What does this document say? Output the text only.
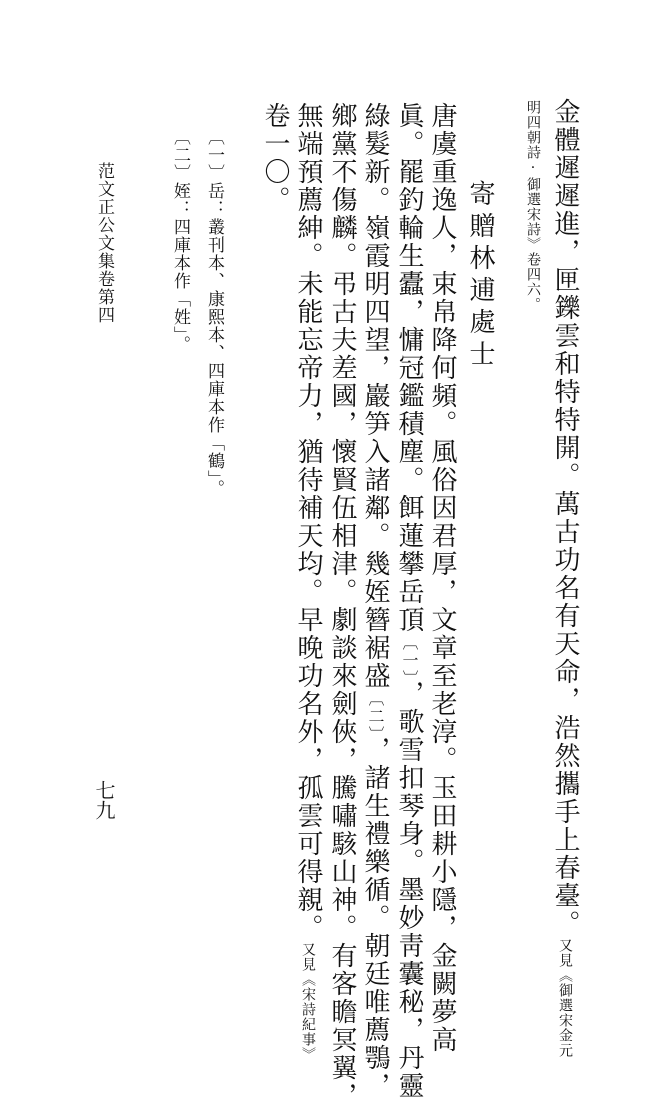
金體遲遲進，匣鑠雲和特特開。萬古功名有天命，浩然攜手上春臺。又見《御選宋金元
明四朝詩·御選宋詩》卷四六。
寄贈林逋處士
唐虞重逸人，束帛降何頻。風俗因君厚，文章至老淳。玉田耕小隱，金闕夢高
眞。罷釣輪生蠹，慵冠鑑積塵。餌蓮攀岳頂〔一〕，歌雪扣琴身。墨妙靑囊秘，丹靈
綠髮新。嶺霞明四望，巖笋入諸鄰。幾姪簪裾盛〔二〕，諸生禮樂循。朝廷唯薦鶚，
鄉黨不傷麟。弔古夫差國，懷賢伍相津。劇談來劍俠，騰嘯駭山神。有客瞻冥翼，
無端預薦紳。未能忘帝力，猶待補天均。早晚功名外，孤雲可得親。又見《宋詩紀事》
卷一〇。
〔一〕岳：叢刊本、康熙本、四庫本作「鶴」。
〔二〕姪：四庫本作「姓」。
范文正公文集卷第四
七九
